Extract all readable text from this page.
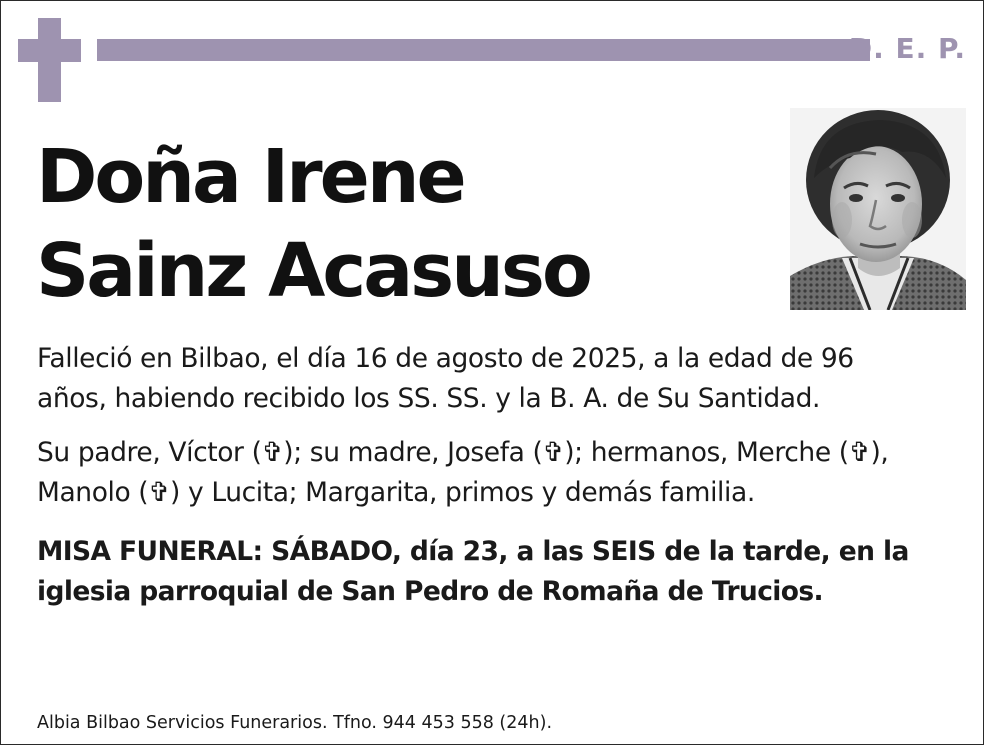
D. E. P.
Doña Irene
Sainz Acasuso

Falleció en Bilbao, el día 16 de agosto de 2025, a la edad de 96
años, habiendo recibido los SS. SS. y la B. A. de Su Santidad.

Su padre, Víctor (✞); su madre, Josefa (✞); hermanos, Merche (✞),
Manolo (✞) y Lucita; Margarita, primos y demás familia.

MISA FUNERAL: SÁBADO, día 23, a las SEIS de la tarde, en la
iglesia parroquial de San Pedro de Romaña de Trucios.

Albia Bilbao Servicios Funerarios. Tfno. 944 453 558 (24h).
